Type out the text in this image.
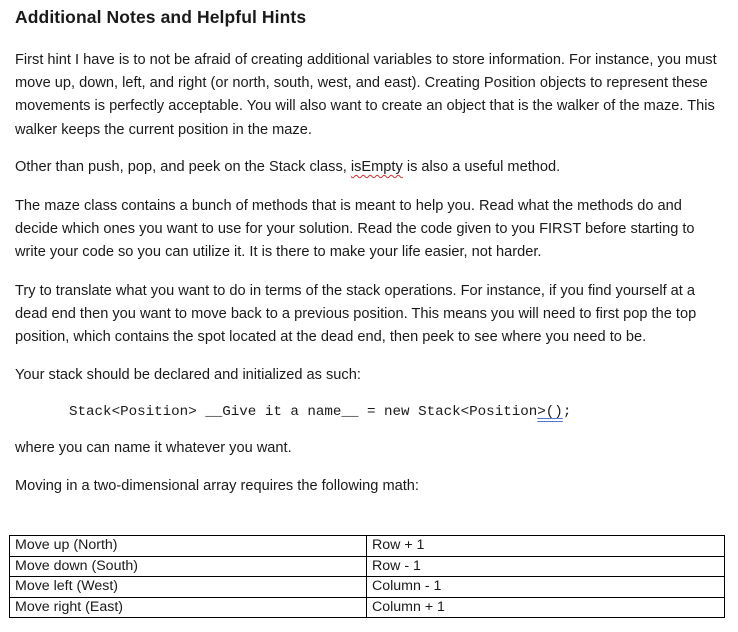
Additional Notes and Helpful Hints

First hint I have is to not be afraid of creating additional variables to store information. For instance, you must move up, down, left, and right (or north, south, west, and east). Creating Position objects to represent these movements is perfectly acceptable. You will also want to create an object that is the walker of the maze. This walker keeps the current position in the maze.

Other than push, pop, and peek on the Stack class, isEmpty is also a useful method.

The maze class contains a bunch of methods that is meant to help you. Read what the methods do and decide which ones you want to use for your solution. Read the code given to you FIRST before starting to write your code so you can utilize it. It is there to make your life easier, not harder.

Try to translate what you want to do in terms of the stack operations. For instance, if you find yourself at a dead end then you want to move back to a previous position. This means you will need to first pop the top position, which contains the spot located at the dead end, then peek to see where you need to be.

Your stack should be declared and initialized as such:

Stack<Position> __Give it a name__ = new Stack<Position>();

where you can name it whatever you want.

Moving in a two-dimensional array requires the following math:

Move up (North)	Row + 1
Move down (South)	Row - 1
Move left (West)	Column - 1
Move right (East)	Column + 1
